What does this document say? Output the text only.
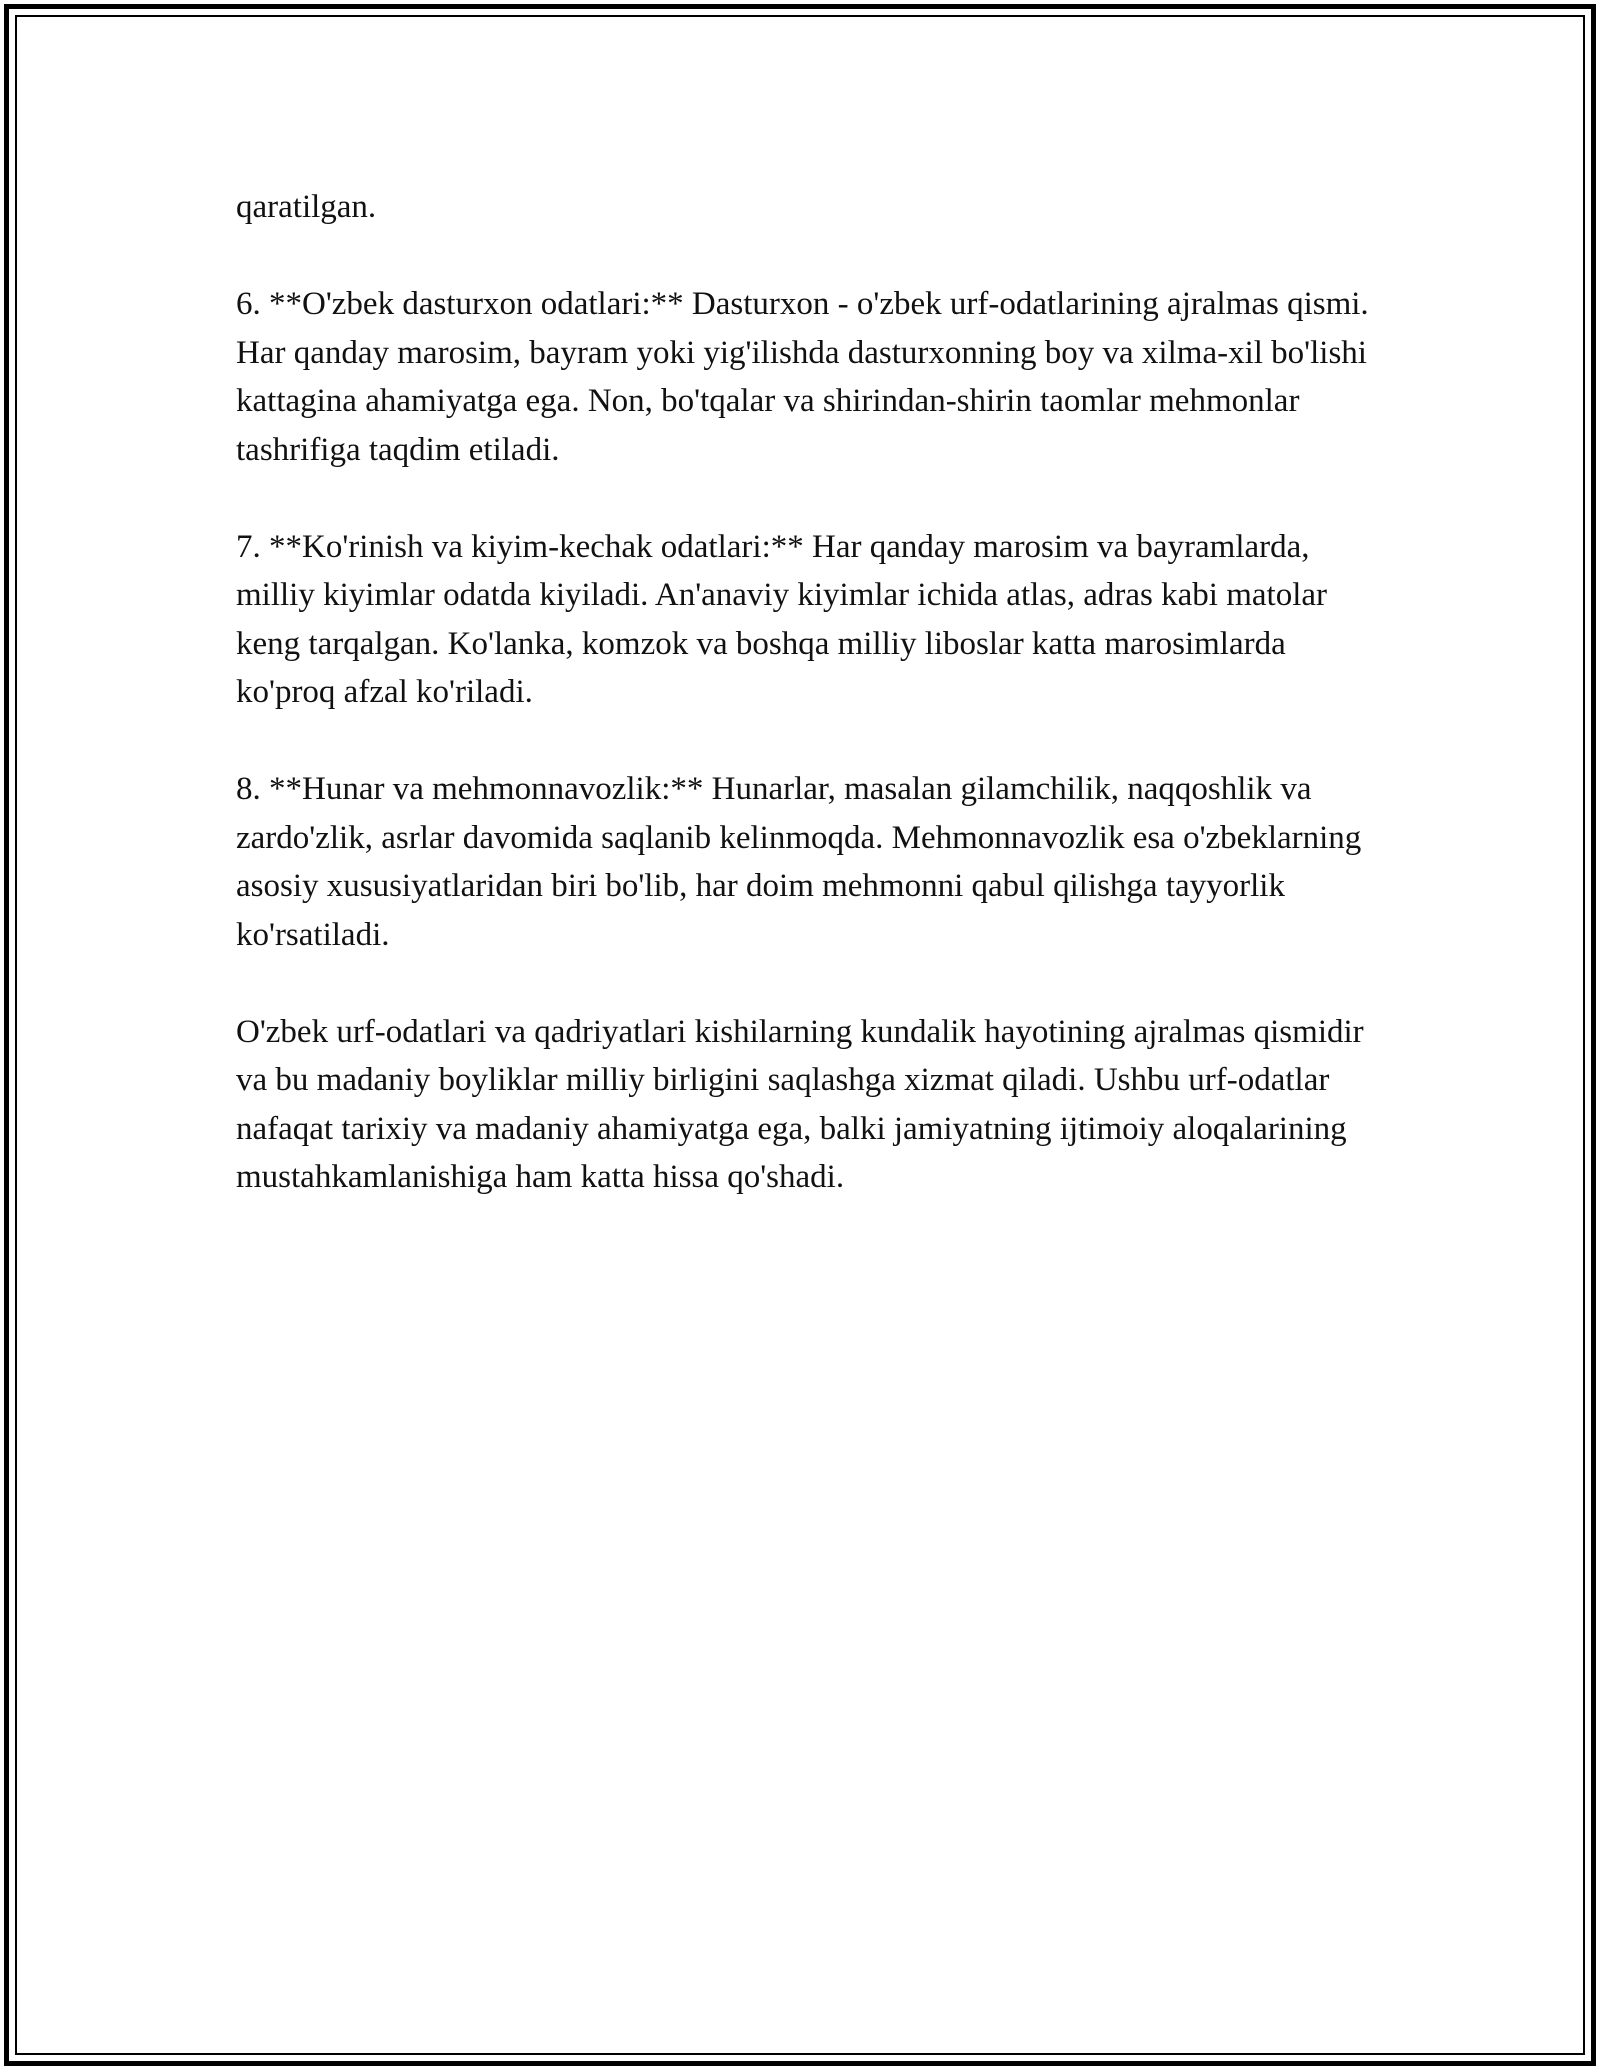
qaratilgan.

6. **O'zbek dasturxon odatlari:** Dasturxon - o'zbek urf-odatlarining ajralmas qismi. Har qanday marosim, bayram yoki yig'ilishda dasturxonning boy va xilma-xil bo'lishi kattagina ahamiyatga ega. Non, bo'tqalar va shirindan-shirin taomlar mehmonlar tashrifiga taqdim etiladi.

7. **Ko'rinish va kiyim-kechak odatlari:** Har qanday marosim va bayramlarda, milliy kiyimlar odatda kiyiladi. An'anaviy kiyimlar ichida atlas, adras kabi matolar keng tarqalgan. Ko'lanka, komzok va boshqa milliy liboslar katta marosimlarda ko'proq afzal ko'riladi.

8. **Hunar va mehmonnavozlik:** Hunarlar, masalan gilamchilik, naqqoshlik va zardo'zlik, asrlar davomida saqlanib kelinmoqda. Mehmonnavozlik esa o'zbeklarning asosiy xususiyatlaridan biri bo'lib, har doim mehmonni qabul qilishga tayyorlik ko'rsatiladi.

O'zbek urf-odatlari va qadriyatlari kishilarning kundalik hayotining ajralmas qismidir va bu madaniy boyliklar milliy birligini saqlashga xizmat qiladi. Ushbu urf-odatlar nafaqat tarixiy va madaniy ahamiyatga ega, balki jamiyatning ijtimoiy aloqalarining mustahkamlanishiga ham katta hissa qo'shadi.
